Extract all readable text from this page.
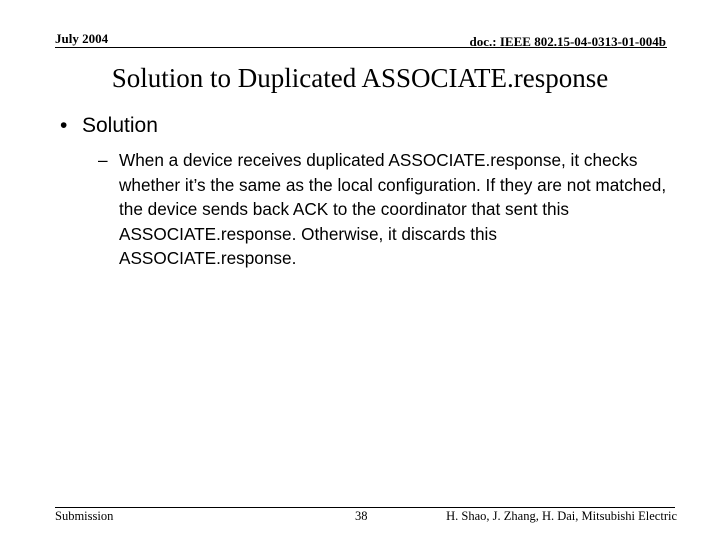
July 2004	doc.: IEEE 802.15-04-0313-01-004b
Solution to Duplicated ASSOCIATE.response
• Solution
– When a device receives duplicated ASSOCIATE.response, it checks whether it’s the same as the local configuration. If they are not matched, the device sends back ACK to the coordinator that sent this ASSOCIATE.response. Otherwise, it discards this ASSOCIATE.response.
Submission	38	H. Shao, J. Zhang, H. Dai, Mitsubishi Electric
